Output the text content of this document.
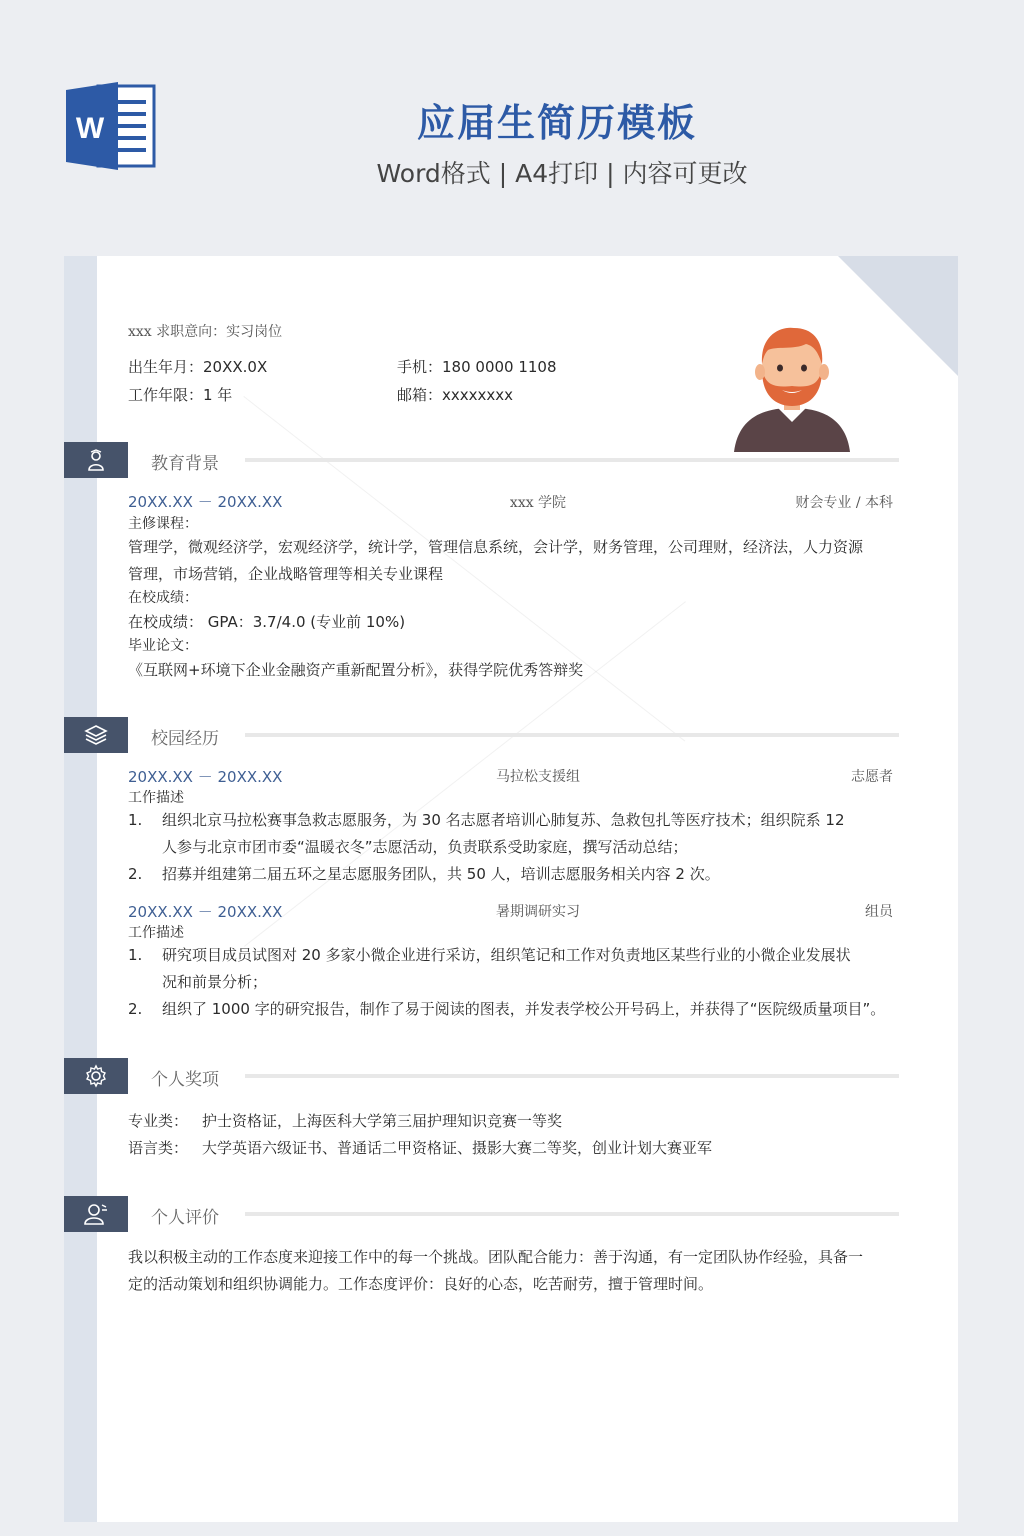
W	应届生简历模板
Word格式 | A4打印 | 内容可更改
xxx 求职意向：实习岗位
出生年月：20XX.0X	手机：180 0000 1108
工作年限：1 年	邮箱：xxxxxxxx
教育背景
20XX.XX － 20XX.XX	xxx 学院	财会专业 / 本科
主修课程：
管理学，微观经济学，宏观经济学，统计学，管理信息系统，会计学，财务管理，公司理财，经济法，人力资源
管理，市场营销，企业战略管理等相关专业课程
在校成绩：
在校成绩： GPA：3.7/4.0 (专业前 10%)
毕业论文：
《互联网+环境下企业金融资产重新配置分析》，获得学院优秀答辩奖
校园经历
20XX.XX － 20XX.XX	马拉松支援组	志愿者
工作描述
1. 组织北京马拉松赛事急救志愿服务，为 30 名志愿者培训心肺复苏、急救包扎等医疗技术；组织院系 12
人参与北京市团市委“温暖衣冬”志愿活动，负责联系受助家庭，撰写活动总结；
2. 招募并组建第二届五环之星志愿服务团队，共 50 人，培训志愿服务相关内容 2 次。
20XX.XX － 20XX.XX	暑期调研实习	组员
工作描述
1. 研究项目成员试图对 20 多家小微企业进行采访，组织笔记和工作对负责地区某些行业的小微企业发展状
况和前景分析；
2. 组织了 1000 字的研究报告，制作了易于阅读的图表，并发表学校公开号码上，并获得了“医院级质量项目”。
个人奖项
专业类： 护士资格证，上海医科大学第三届护理知识竞赛一等奖
语言类： 大学英语六级证书、普通话二甲资格证、摄影大赛二等奖，创业计划大赛亚军
个人评价
我以积极主动的工作态度来迎接工作中的每一个挑战。团队配合能力：善于沟通，有一定团队协作经验，具备一
定的活动策划和组织协调能力。工作态度评价：良好的心态，吃苦耐劳，擅于管理时间。
